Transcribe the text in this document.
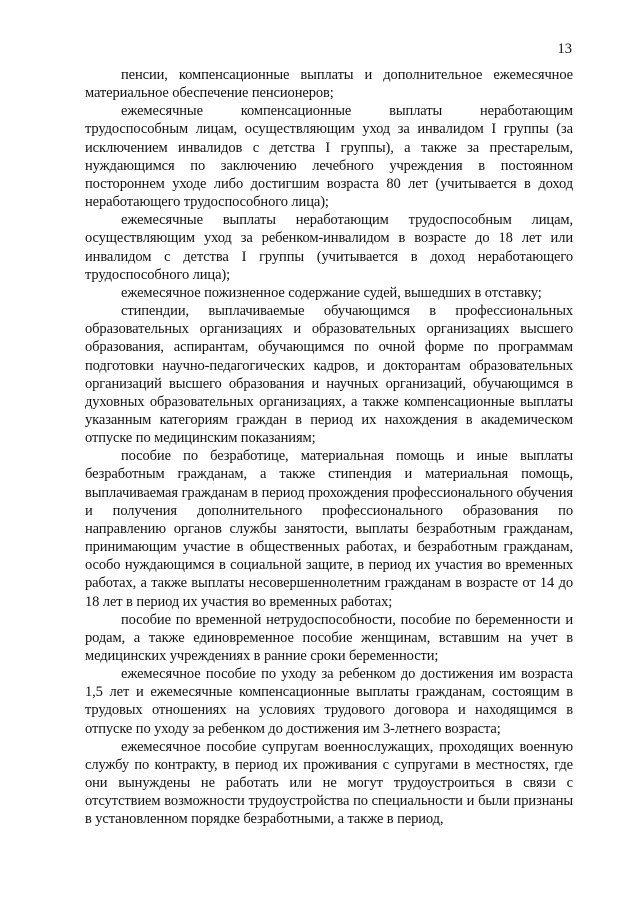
13

пенсии, компенсационные выплаты и дополнительное ежемесячное материальное обеспечение пенсионеров;

ежемесячные компенсационные выплаты неработающим трудоспособным лицам, осуществляющим уход за инвалидом I группы (за исключением инвалидов с детства I группы), а также за престарелым, нуждающимся по заключению лечебного учреждения в постоянном постороннем уходе либо достигшим возраста 80 лет (учитывается в доход неработающего трудоспособного лица);

ежемесячные выплаты неработающим трудоспособным лицам, осуществляющим уход за ребенком-инвалидом в возрасте до 18 лет или инвалидом с детства I группы (учитывается в доход неработающего трудоспособного лица);

ежемесячное пожизненное содержание судей, вышедших в отставку;

стипендии, выплачиваемые обучающимся в профессиональных образовательных организациях и образовательных организациях высшего образования, аспирантам, обучающимся по очной форме по программам подготовки научно-педагогических кадров, и докторантам образовательных организаций высшего образования и научных организаций, обучающимся в духовных образовательных организациях, а также компенсационные выплаты указанным категориям граждан в период их нахождения в академическом отпуске по медицинским показаниям;

пособие по безработице, материальная помощь и иные выплаты безработным гражданам, а также стипендия и материальная помощь, выплачиваемая гражданам в период прохождения профессионального обучения и получения дополнительного профессионального образования по направлению органов службы занятости, выплаты безработным гражданам, принимающим участие в общественных работах, и безработным гражданам, особо нуждающимся в социальной защите, в период их участия во временных работах, а также выплаты несовершеннолетним гражданам в возрасте от 14 до 18 лет в период их участия во временных работах;

пособие по временной нетрудоспособности, пособие по беременности и родам, а также единовременное пособие женщинам, вставшим на учет в медицинских учреждениях в ранние сроки беременности;

ежемесячное пособие по уходу за ребенком до достижения им возраста 1,5 лет и ежемесячные компенсационные выплаты гражданам, состоящим в трудовых отношениях на условиях трудового договора и находящимся в отпуске по уходу за ребенком до достижения им 3-летнего возраста;

ежемесячное пособие супругам военнослужащих, проходящих военную службу по контракту, в период их проживания с супругами в местностях, где они вынуждены не работать или не могут трудоустроиться в связи с отсутствием возможности трудоустройства по специальности и были признаны в установленном порядке безработными, а также в период,
